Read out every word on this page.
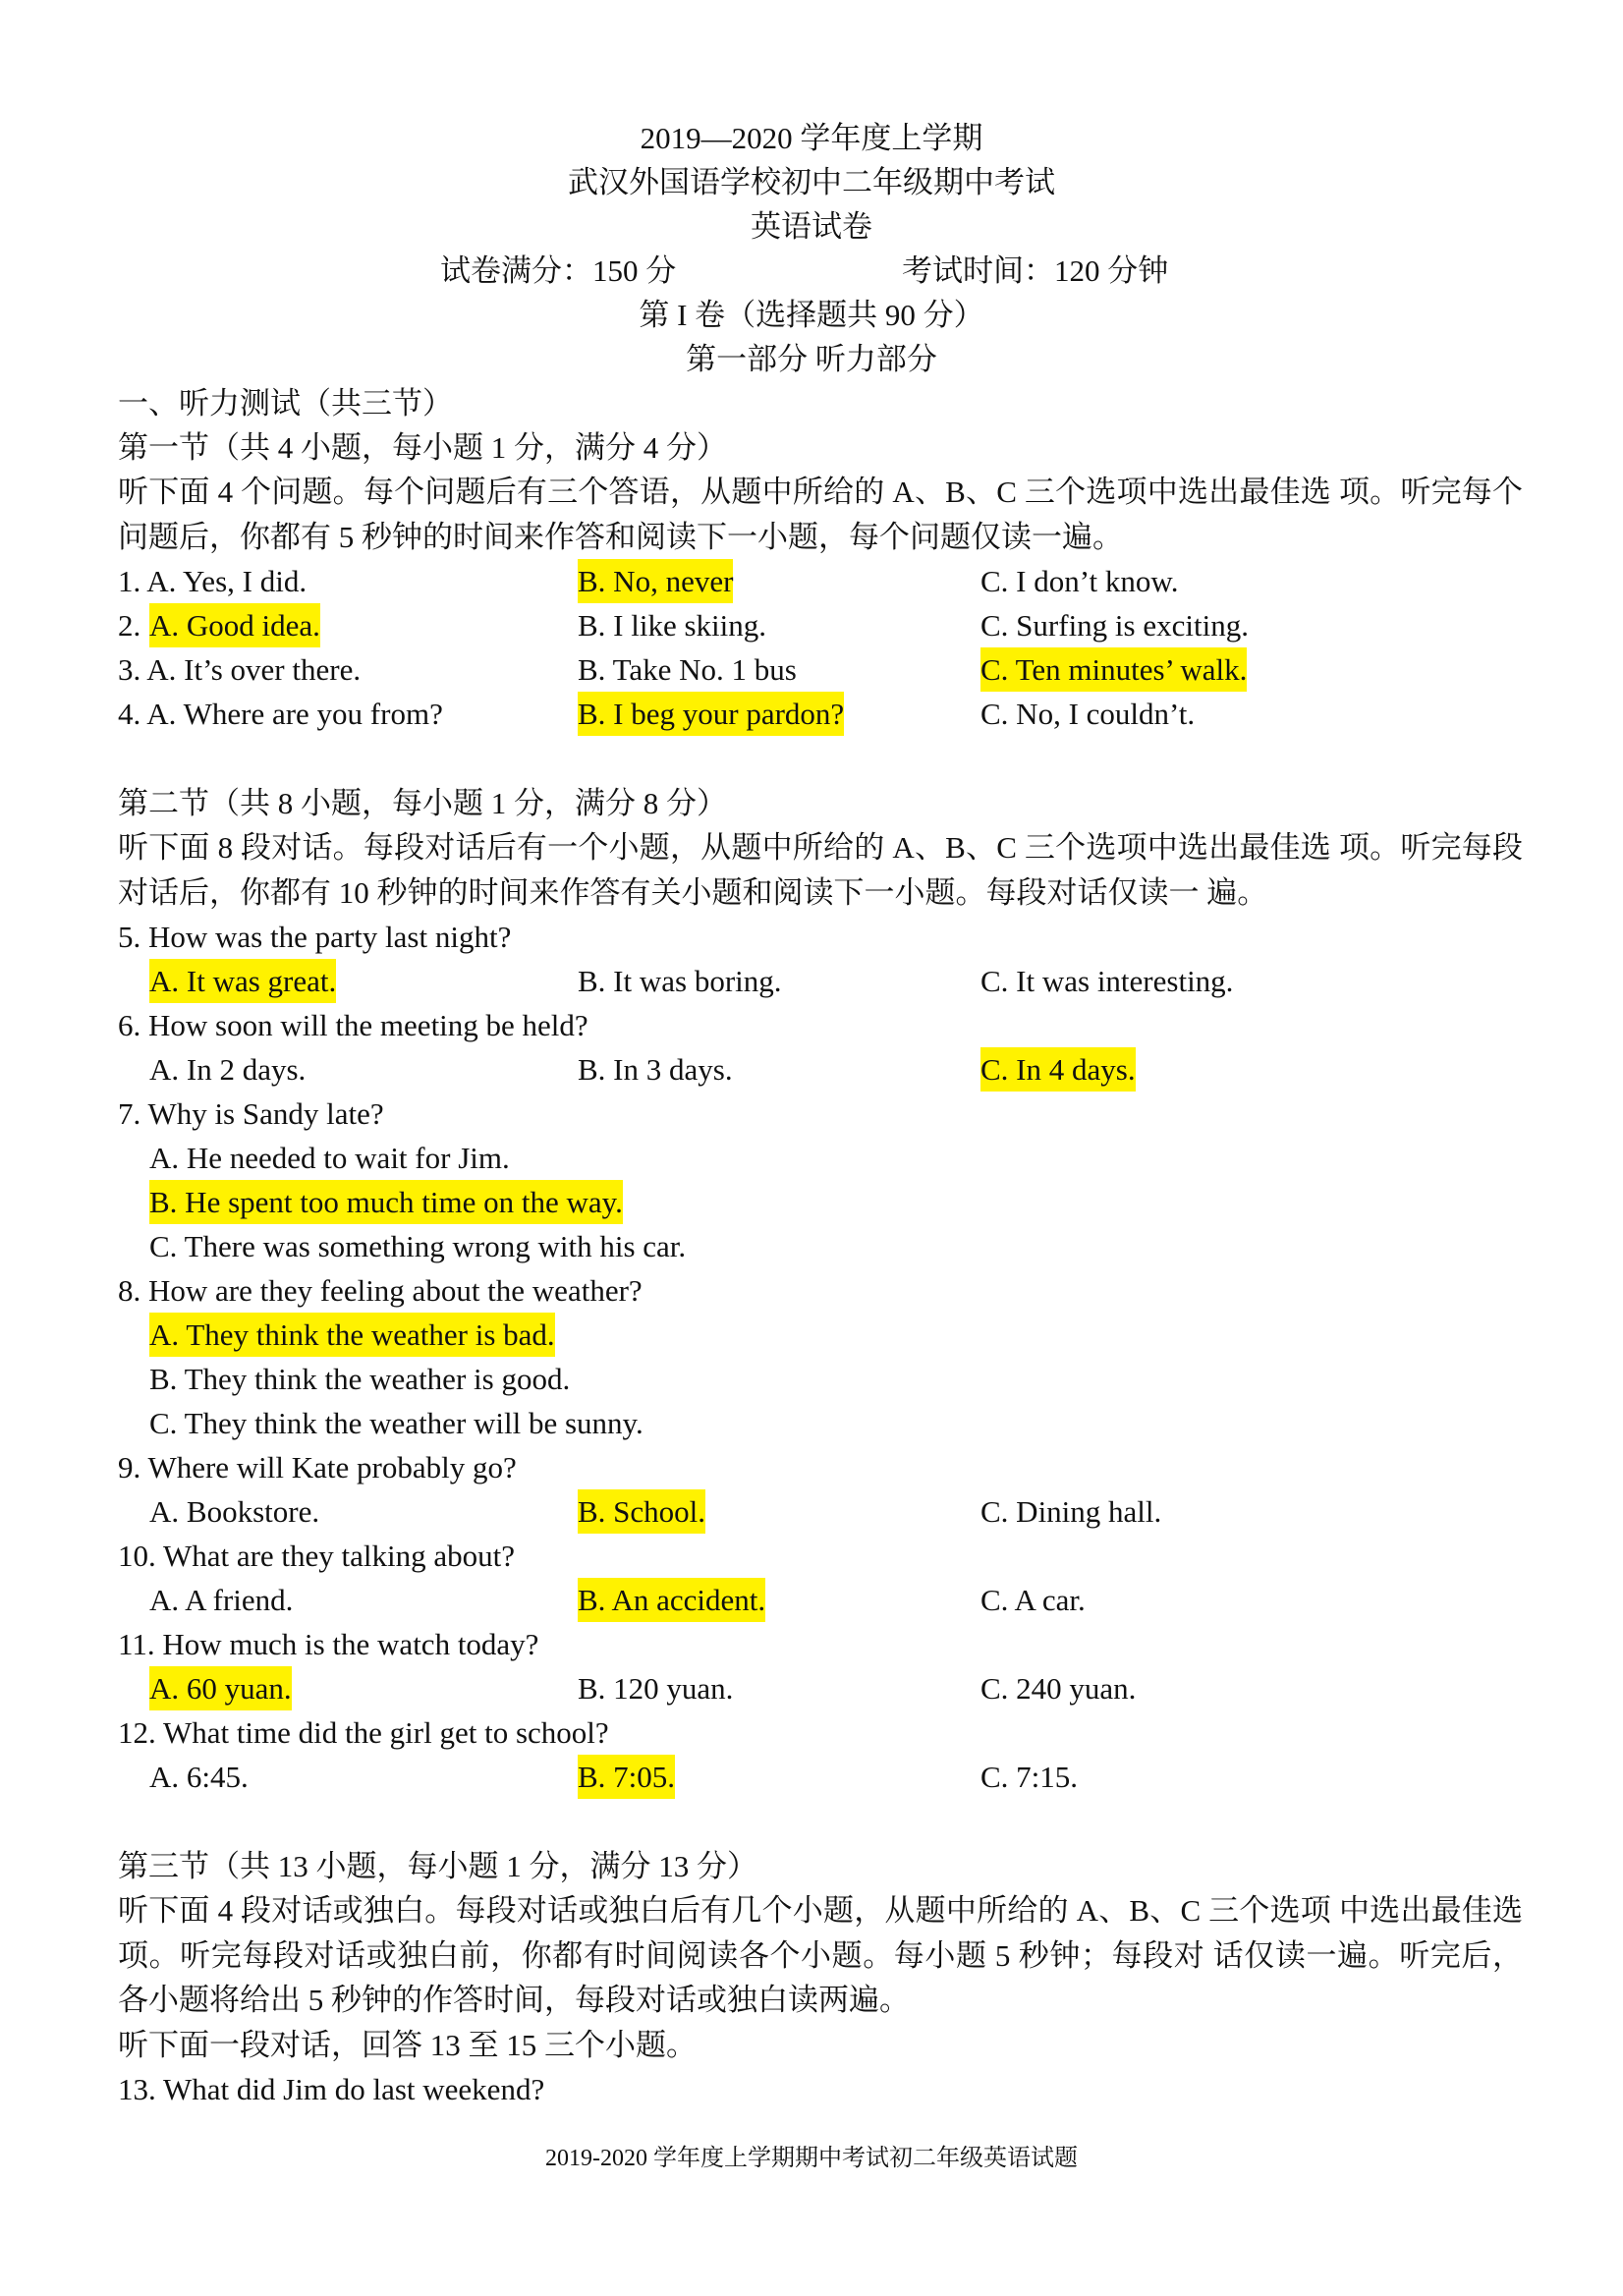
2019—2020 学年度上学期
武汉外国语学校初中二年级期中考试
英语试卷
试卷满分：150 分	考试时间：120 分钟
第 I 卷（选择题共 90 分）
第一部分 听力部分
一、听力测试（共三节）
第一节（共 4 小题，每小题 1 分，满分 4 分）
听下面 4 个问题。每个问题后有三个答语，从题中所给的 A、B、C 三个选项中选出最佳选 项。听完每个问题后，你都有 5 秒钟的时间来作答和阅读下一小题，每个问题仅读一遍。
1. A. Yes, I did.	B. No, never	C. I don’t know.
2. A. Good idea.	B. I like skiing.	C. Surfing is exciting.
3. A. It’s over there.	B. Take No. 1 bus	C. Ten minutes’ walk.
4. A. Where are you from?	B. I beg your pardon?	C. No, I couldn’t.
第二节（共 8 小题，每小题 1 分，满分 8 分）
听下面 8 段对话。每段对话后有一个小题，从题中所给的 A、B、C 三个选项中选出最佳选 项。听完每段对话后，你都有 10 秒钟的时间来作答有关小题和阅读下一小题。每段对话仅读一 遍。
5. How was the party last night?
A. It was great.	B. It was boring.	C. It was interesting.
6. How soon will the meeting be held?
A. In 2 days.	B. In 3 days.	C. In 4 days.
7. Why is Sandy late?
A. He needed to wait for Jim.
B. He spent too much time on the way.
C. There was something wrong with his car.
8. How are they feeling about the weather?
A. They think the weather is bad.
B. They think the weather is good.
C. They think the weather will be sunny.
9. Where will Kate probably go?
A. Bookstore.	B. School.	C. Dining hall.
10. What are they talking about?
A. A friend.	B. An accident.	C. A car.
11. How much is the watch today?
A. 60 yuan.	B. 120 yuan.	C. 240 yuan.
12. What time did the girl get to school?
A. 6:45.	B. 7:05.	C. 7:15.
第三节（共 13 小题，每小题 1 分，满分 13 分）
听下面 4 段对话或独白。每段对话或独白后有几个小题，从题中所给的 A、B、C 三个选项 中选出最佳选项。听完每段对话或独白前，你都有时间阅读各个小题。每小题 5 秒钟；每段对 话仅读一遍。听完后，各小题将给出 5 秒钟的作答时间，每段对话或独白读两遍。
听下面一段对话，回答 13 至 15 三个小题。
13. What did Jim do last weekend?
2019-2020 学年度上学期期中考试初二年级英语试题
